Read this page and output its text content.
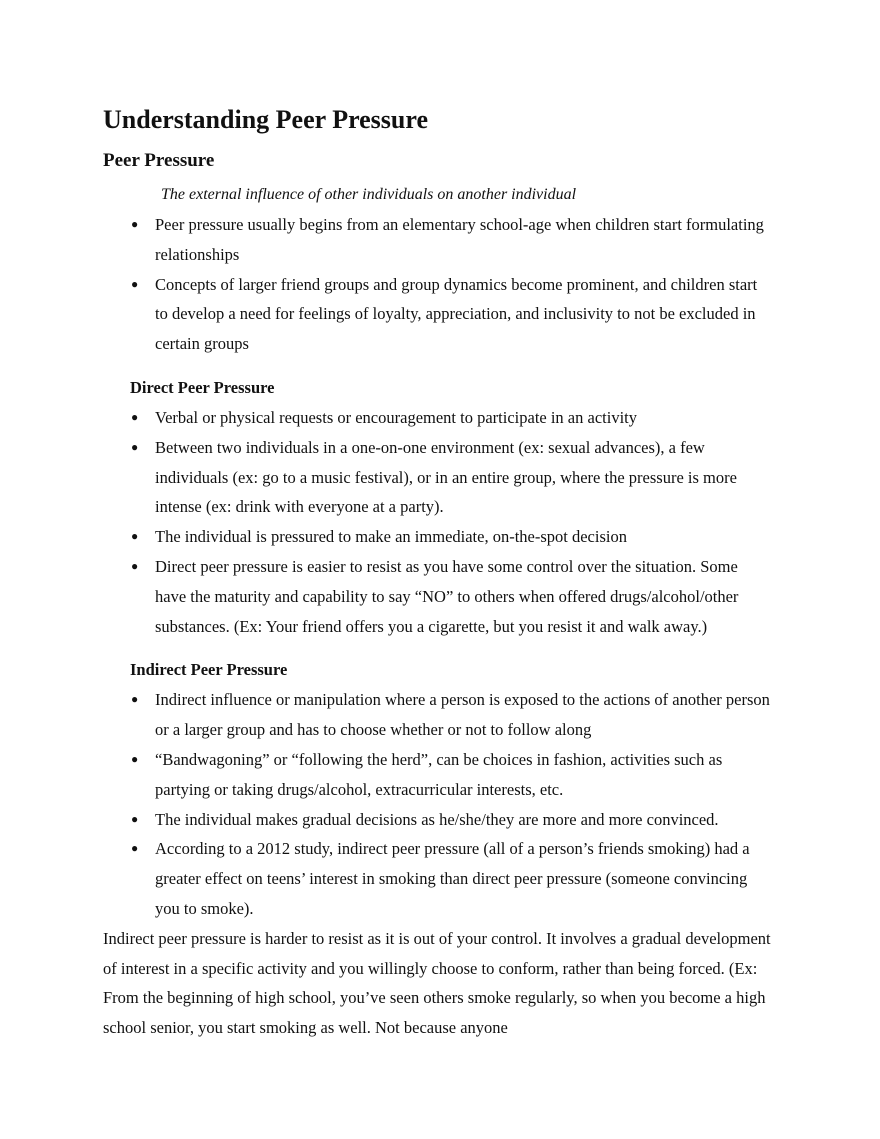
Understanding Peer Pressure
Peer Pressure

The external influence of other individuals on another individual

● Peer pressure usually begins from an elementary school-age when children start formulating relationships
● Concepts of larger friend groups and group dynamics become prominent, and children start to develop a need for feelings of loyalty, appreciation, and inclusivity to not be excluded in certain groups
Direct Peer Pressure
● Verbal or physical requests or encouragement to participate in an activity
● Between two individuals in a one-on-one environment (ex: sexual advances), a few individuals (ex: go to a music festival), or in an entire group, where the pressure is more intense (ex: drink with everyone at a party).
● The individual is pressured to make an immediate, on-the-spot decision
● Direct peer pressure is easier to resist as you have some control over the situation. Some have the maturity and capability to say “NO” to others when offered drugs/alcohol/other substances. (Ex: Your friend offers you a cigarette, but you resist it and walk away.)
Indirect Peer Pressure
● Indirect influence or manipulation where a person is exposed to the actions of another person or a larger group and has to choose whether or not to follow along
● “Bandwagoning” or “following the herd”, can be choices in fashion, activities such as partying or taking drugs/alcohol, extracurricular interests, etc.
● The individual makes gradual decisions as he/she/they are more and more convinced.
● According to a 2012 study, indirect peer pressure (all of a person’s friends smoking) had a greater effect on teens’ interest in smoking than direct peer pressure (someone convincing you to smoke).

Indirect peer pressure is harder to resist as it is out of your control. It involves a gradual development of interest in a specific activity and you willingly choose to conform, rather than being forced. (Ex: From the beginning of high school, you’ve seen others smoke regularly, so when you become a high school senior, you start smoking as well. Not because anyone
